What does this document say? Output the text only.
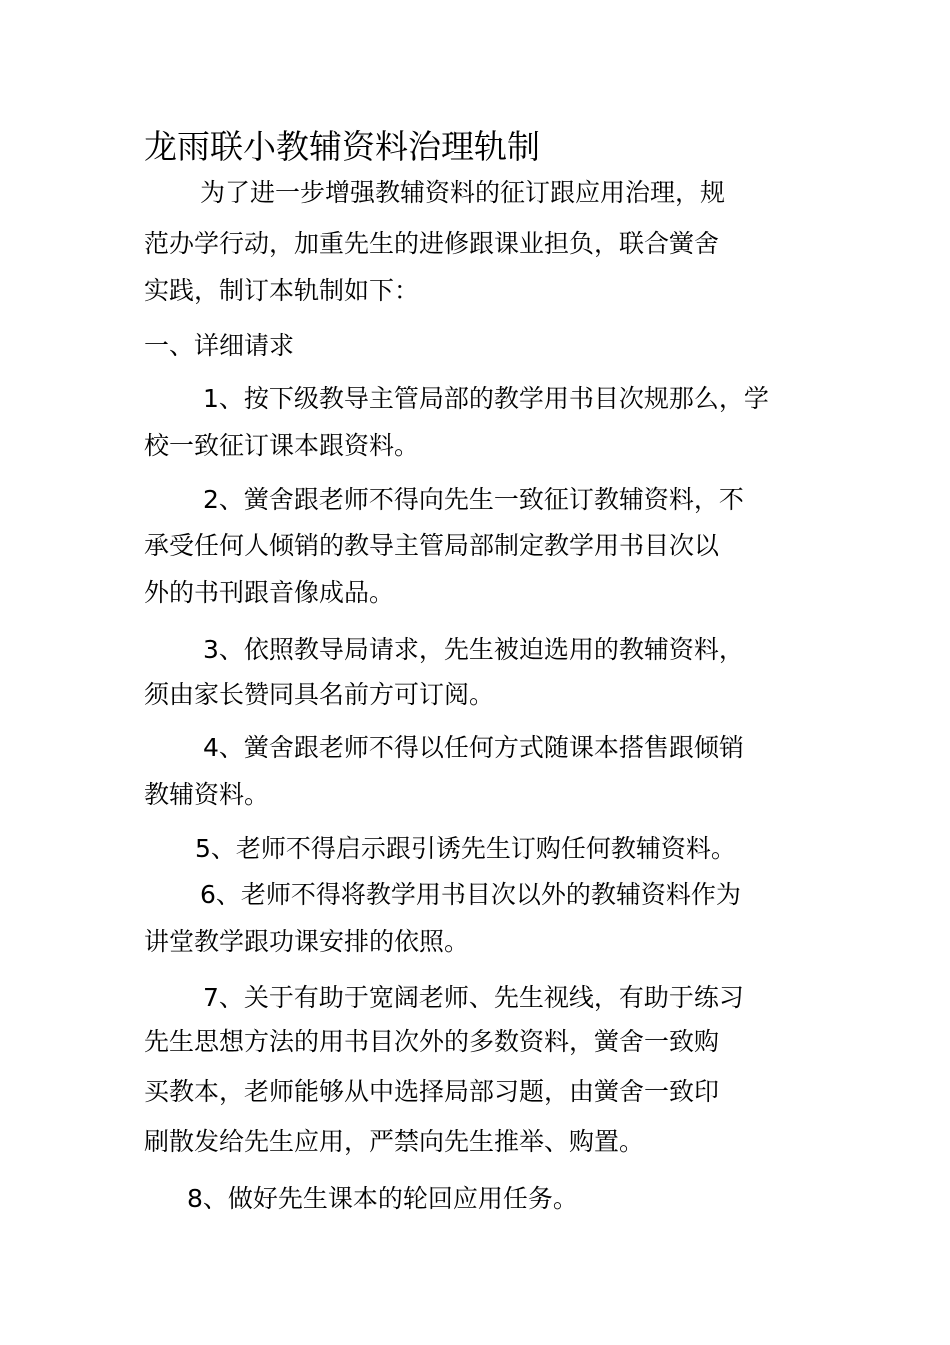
龙雨联小教辅资料治理轨制
为了进一步增强教辅资料的征订跟应用治理，规
范办学行动，加重先生的进修跟课业担负，联合黉舍
实践，制订本轨制如下：
一、详细请求
1、按下级教导主管局部的教学用书目次规那么，学
校一致征订课本跟资料。
2、黉舍跟老师不得向先生一致征订教辅资料，不
承受任何人倾销的教导主管局部制定教学用书目次以
外的书刊跟音像成品。
3、依照教导局请求，先生被迫选用的教辅资料，
须由家长赞同具名前方可订阅。
4、黉舍跟老师不得以任何方式随课本搭售跟倾销
教辅资料。
5、老师不得启示跟引诱先生订购任何教辅资料。
6、老师不得将教学用书目次以外的教辅资料作为
讲堂教学跟功课安排的依照。
7、关于有助于宽阔老师、先生视线，有助于练习
先生思想方法的用书目次外的多数资料，黉舍一致购
买教本，老师能够从中选择局部习题，由黉舍一致印
刷散发给先生应用，严禁向先生推举、购置。
8、做好先生课本的轮回应用任务。
